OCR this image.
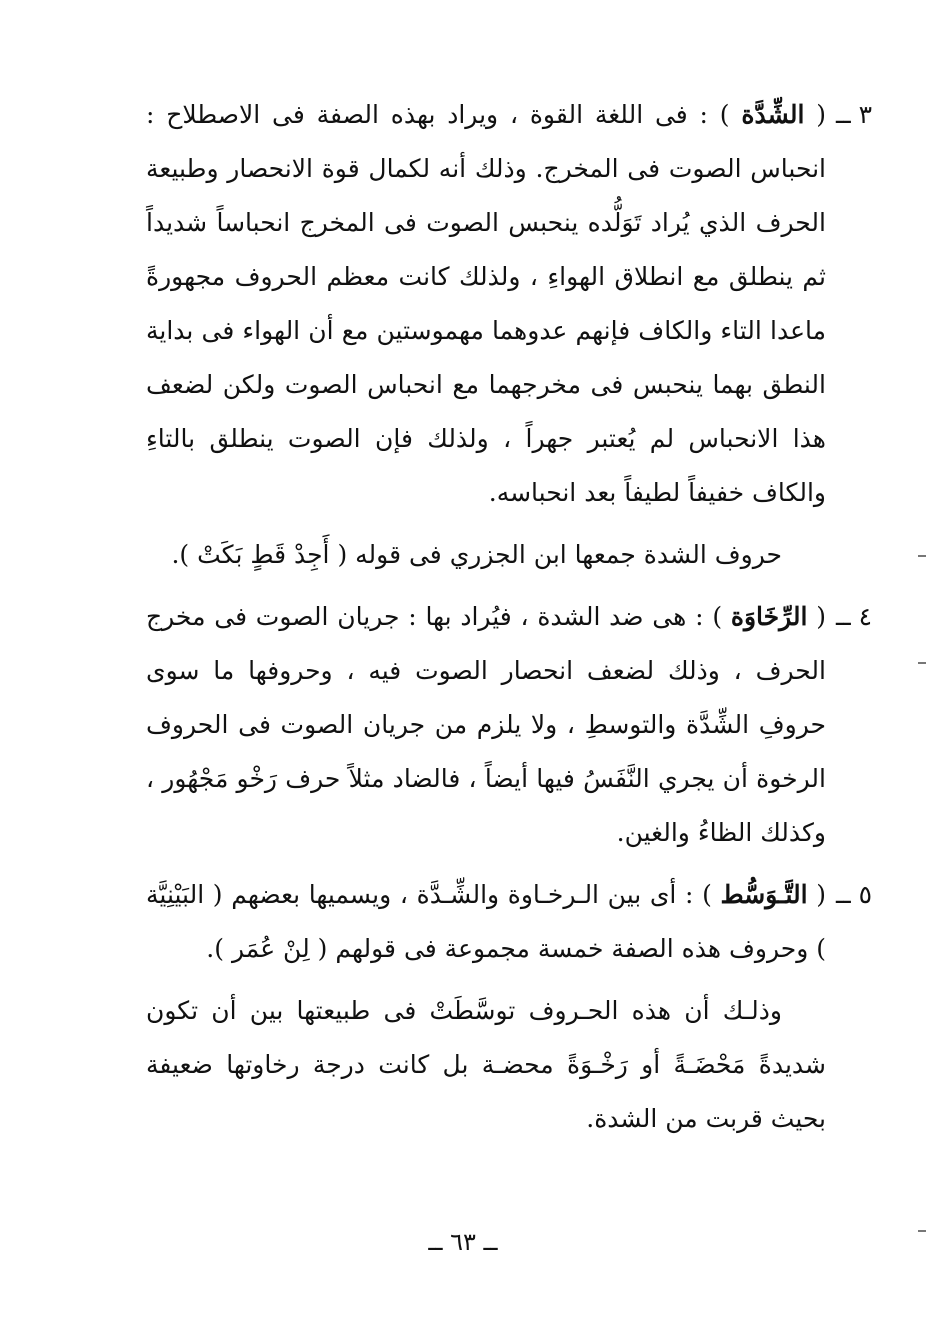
٣ ــ
( الشِّدَّة ) : فى اللغة القوة ، ويراد بهذه الصفة فى الاصطلاح : انحباس الصوت فى المخرج. وذلك أنه لكمال قوة الانحصار وطبيعة الحرف الذي يُراد تَوَلُّده ينحبس الصوت فى المخرج انحباساً شديداً ثم ينطلق مع انطلاق الهواءِ ، ولذلك كانت معظم الحروف مجهورةً ماعدا التاء والكاف فإنهم عدوهما مهموستين مع أن الهواء فى بداية النطق بهما ينحبس فى مخرجهما مع انحباس الصوت ولكن لضعف هذا الانحباس لم يُعتبر جهراً ، ولذلك فإن الصوت ينطلق بالتاءِ والكاف خفيفاً لطيفاً بعد انحباسه.

حروف الشدة جمعها ابن الجزري فى قوله ( أَجِدْ قَطٍ بَكَتْ ).

٤ ــ
( الرِّخَاوَة ) : هى ضد الشدة ، فيُراد بها : جريان الصوت فى مخرج الحرف ، وذلك لضعف انحصار الصوت فيه ، وحروفها ما سوى حروفِ الشِّدَّة والتوسطِ ، ولا يلزم من جريان الصوت فى الحروف الرخوة أن يجري النَّفَسُ فيها أيضاً ، فالضاد مثلاً حرف رَخْو مَجْهُور ، وكذلك الظاءُ والغين.
٥ ــ
( التَّـوَسُّط ) : أى بين الـرخـاوة والشِّـدَّة ، ويسميها بعضهم ( البَيْنِيَّة ) وحروف هذه الصفة خمسة مجموعة فى قولهم ( لِنْ عُمَر ).

وذلـك أن هذه الحـروف توسَّطَتْ فى طبيعتها بين أن تكون شديدةً مَحْضَـةً أو رَخْـوَةً محضـة بل كانت درجة رخاوتها ضعيفة بحيث قربت من الشدة.

ــ ٦٣ ــ
